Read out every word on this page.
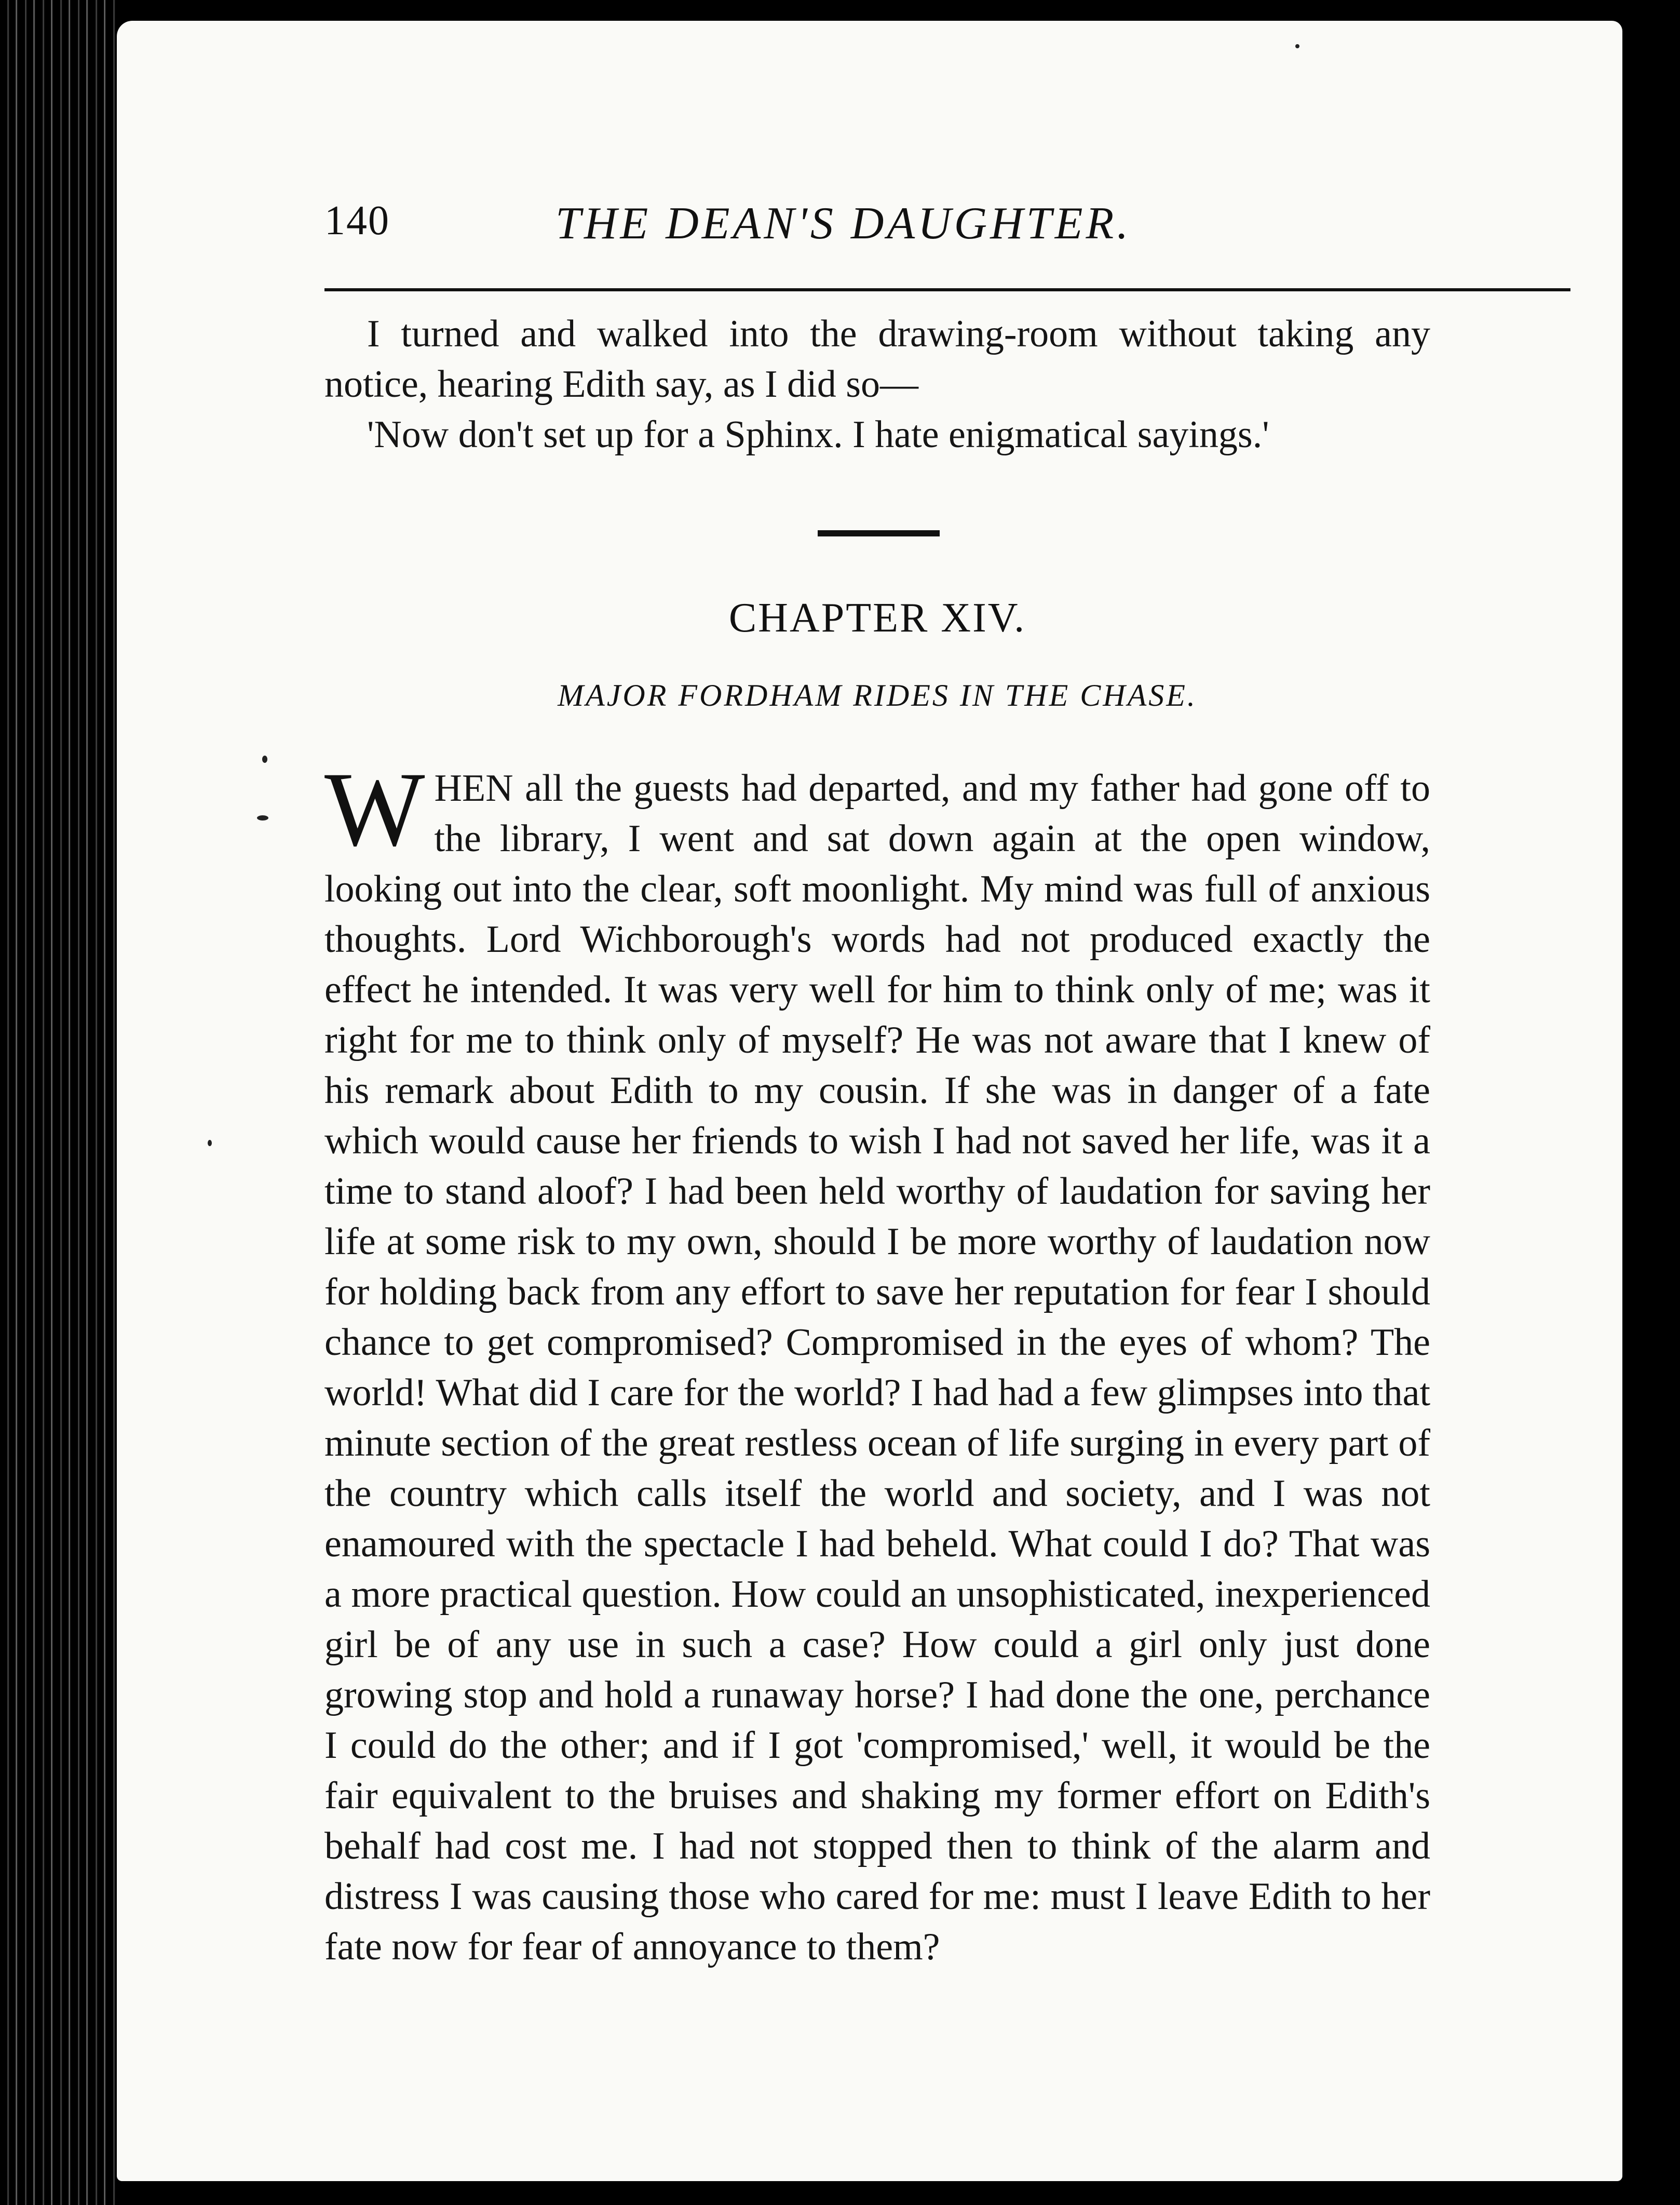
140	THE DEAN'S DAUGHTER.

I turned and walked into the drawing-room without taking any notice, hearing Edith say, as I did so—

'Now don't set up for a Sphinx. I hate enigmatical sayings.'

CHAPTER XIV.
MAJOR FORDHAM RIDES IN THE CHASE.
W HEN all the guests had departed, and my father had gone off to the library, I went and sat down again at the open window, looking out into the clear, soft moonlight. My mind was full of anxious thoughts. Lord Wichborough's words had not produced exactly the effect he intended. It was very well for him to think only of me; was it right for me to think only of myself? He was not aware that I knew of his remark about Edith to my cousin. If she was in danger of a fate which would cause her friends to wish I had not saved her life, was it a time to stand aloof? I had been held worthy of laudation for saving her life at some risk to my own, should I be more worthy of laudation now for holding back from any effort to save her reputation for fear I should chance to get compromised? Compromised in the eyes of whom? The world! What did I care for the world? I had had a few glimpses into that minute section of the great restless ocean of life surging in every part of the country which calls itself the world and society, and I was not enamoured with the spectacle I had beheld. What could I do? That was a more practical question. How could an unsophisticated, inexperienced girl be of any use in such a case? How could a girl only just done growing stop and hold a runaway horse? I had done the one, perchance I could do the other; and if I got 'compromised,' well, it would be the fair equivalent to the bruises and shaking my former effort on Edith's behalf had cost me. I had not stopped then to think of the alarm and distress I was causing those who cared for me: must I leave Edith to her fate now for fear of annoyance to them?
